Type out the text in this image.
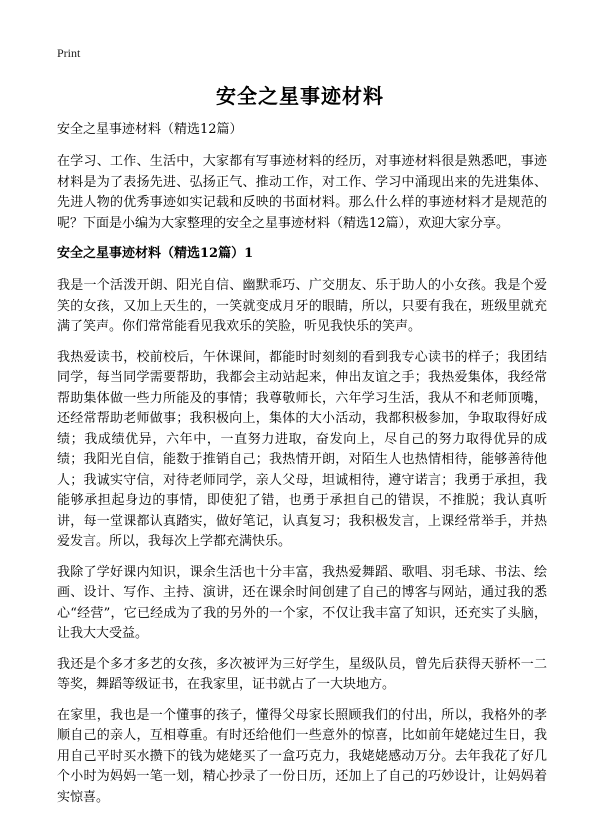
Print
安全之星事迹材料

安全之星事迹材料（精选12篇）

在学习、工作、生活中，大家都有写事迹材料的经历，对事迹材料很是熟悉吧，事迹材料是为了表扬先进、弘扬正气、推动工作，对工作、学习中涌现出来的先进集体、先进人物的优秀事迹如实记载和反映的书面材料。那么什么样的事迹材料才是规范的呢？下面是小编为大家整理的安全之星事迹材料（精选12篇），欢迎大家分享。

安全之星事迹材料（精选12篇）1

我是一个活泼开朗、阳光自信、幽默乖巧、广交朋友、乐于助人的小女孩。我是个爱笑的女孩，又加上天生的，一笑就变成月牙的眼睛，所以，只要有我在，班级里就充满了笑声。你们常常能看见我欢乐的笑脸，听见我快乐的笑声。

我热爱读书，校前校后，午休课间，都能时时刻刻的看到我专心读书的样子；我团结同学，每当同学需要帮助，我都会主动站起来，伸出友谊之手；我热爱集体，我经常帮助集体做一些力所能及的事情；我尊敬师长，六年学习生活，我从不和老师顶嘴，还经常帮助老师做事；我积极向上，集体的大小活动，我都积极参加，争取取得好成绩；我成绩优异，六年中，一直努力进取，奋发向上，尽自己的努力取得优异的成绩；我阳光自信，能数于推销自己；我热情开朗，对陌生人也热情相待，能够善待他人；我诚实守信，对待老师同学，亲人父母，坦诚相待，遵守诺言；我勇于承担，我能够承担起身边的事情，即使犯了错，也勇于承担自己的错误，不推脱；我认真听讲，每一堂课都认真踏实，做好笔记，认真复习；我积极发言，上课经常举手，并热爱发言。所以，我每次上学都充满快乐。

我除了学好课内知识，课余生活也十分丰富，我热爱舞蹈、歌唱、羽毛球、书法、绘画、设计、写作、主持、演讲，还在课余时间创建了自己的博客与网站，通过我的悉心“经营”，它已经成为了我的另外的一个家，不仅让我丰富了知识，还充实了头脑，让我大大受益。

我还是个多才多艺的女孩，多次被评为三好学生，星级队员，曾先后获得天骄杯一二等奖，舞蹈等级证书，在我家里，证书就占了一大块地方。

在家里，我也是一个懂事的孩子，懂得父母家长照顾我们的付出，所以，我格外的孝顺自己的亲人，互相尊重。有时还给他们一些意外的惊喜，比如前年姥姥过生日，我用自己平时买水攒下的钱为姥姥买了一盒巧克力，我姥姥感动万分。去年我花了好几个小时为妈妈一笔一划，精心抄录了一份日历，还加上了自己的巧妙设计，让妈妈着实惊喜。
